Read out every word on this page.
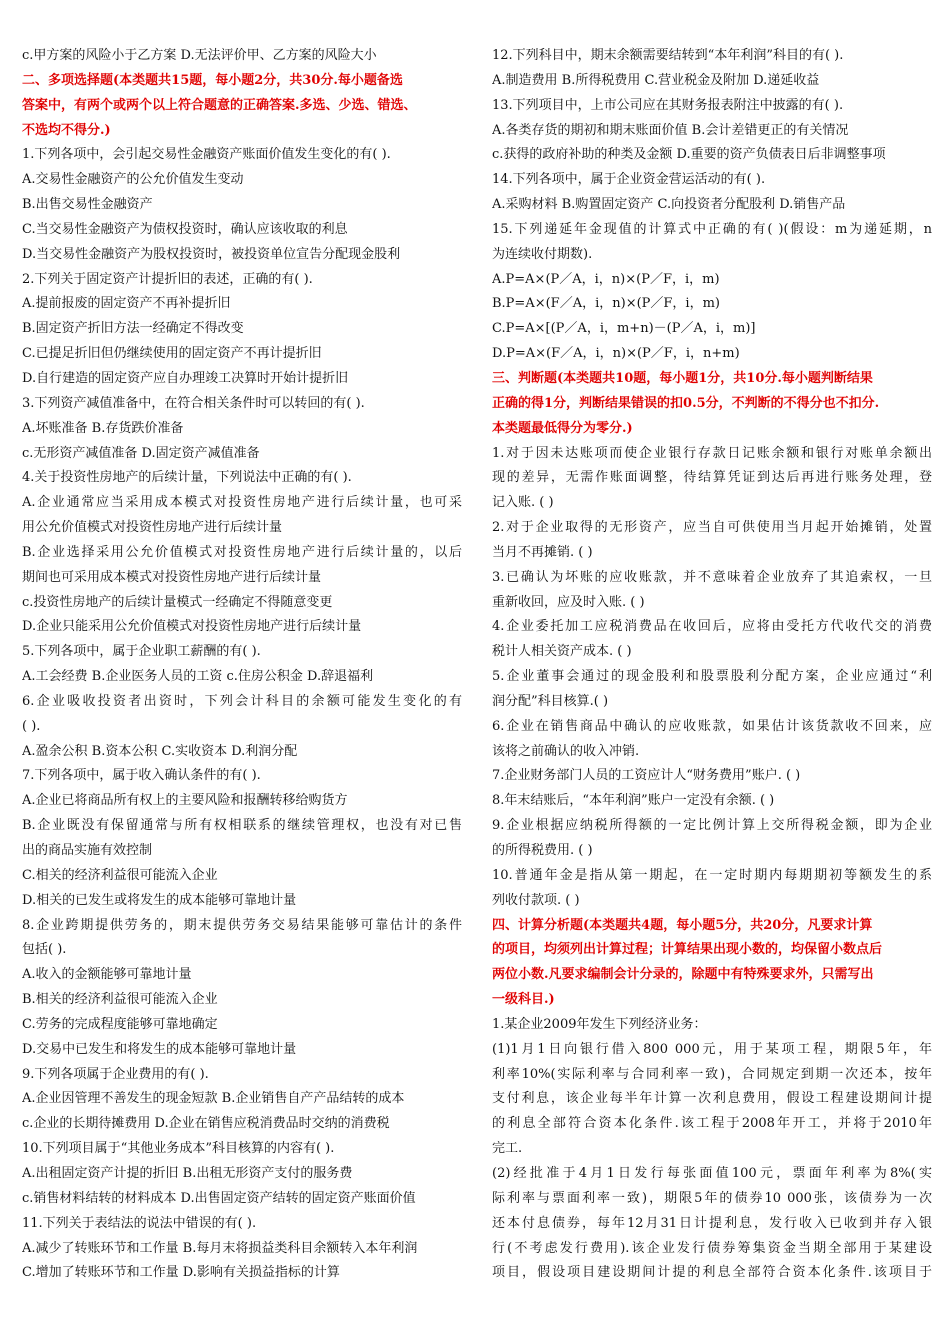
c.甲方案的风险小于乙方案 D.无法评价甲、乙方案的风险大小
二、多项选择题(本类题共15题，每小题2分，共30分.每小题备选
答案中，有两个或两个以上符合题意的正确答案.多选、少选、错选、
不选均不得分.)
1.下列各项中，会引起交易性金融资产账面价值发生变化的有( ).
A.交易性金融资产的公允价值发生变动
B.出售交易性金融资产
C.当交易性金融资产为债权投资时，确认应该收取的利息
D.当交易性金融资产为股权投资时，被投资单位宣告分配现金股利
2.下列关于固定资产计提折旧的表述，正确的有( ).
A.提前报废的固定资产不再补提折旧
B.固定资产折旧方法一经确定不得改变
C.已提足折旧但仍继续使用的固定资产不再计提折旧
D.自行建造的固定资产应自办理竣工决算时开始计提折旧
3.下列资产减值准备中，在符合相关条件时可以转回的有( ).
A.坏账准备 B.存货跌价准备
c.无形资产减值准备 D.固定资产减值准备
4.关于投资性房地产的后续计量，下列说法中正确的有( ).
A.企业通常应当采用成本模式对投资性房地产进行后续计量，也可采
用公允价值模式对投资性房地产进行后续计量
B.企业选择采用公允价值模式对投资性房地产进行后续计量的，以后
期间也可采用成本模式对投资性房地产进行后续计量
c.投资性房地产的后续计量模式一经确定不得随意变更
D.企业只能采用公允价值模式对投资性房地产进行后续计量
5.下列各项中，属于企业职工薪酬的有( ).
A.工会经费 B.企业医务人员的工资 c.住房公积金 D.辞退福利
6.企业吸收投资者出资时，下列会计科目的余额可能发生变化的有
( ).
A.盈余公积 B.资本公积 C.实收资本 D.利润分配
7.下列各项中，属于收入确认条件的有( ).
A.企业已将商品所有权上的主要风险和报酬转移给购货方
B.企业既没有保留通常与所有权相联系的继续管理权，也没有对已售
出的商品实施有效控制
C.相关的经济利益很可能流入企业
D.相关的已发生或将发生的成本能够可靠地计量
8.企业跨期提供劳务的，期末提供劳务交易结果能够可靠估计的条件
包括( ).
A.收入的金额能够可靠地计量
B.相关的经济利益很可能流入企业
C.劳务的完成程度能够可靠地确定
D.交易中已发生和将发生的成本能够可靠地计量
9.下列各项属于企业费用的有( ).
A.企业因管理不善发生的现金短款 B.企业销售自产产品结转的成本
c.企业的长期待摊费用 D.企业在销售应税消费品时交纳的消费税
10.下列项目属于“其他业务成本”科目核算的内容有( ).
A.出租固定资产计提的折旧 B.出租无形资产支付的服务费
c.销售材料结转的材料成本 D.出售固定资产结转的固定资产账面价值
11.下列关于表结法的说法中错误的有( ).
A.减少了转账环节和工作量 B.每月末将损益类科目余额转入本年利润
C.增加了转账环节和工作量 D.影响有关损益指标的计算
12.下列科目中，期末余额需要结转到“本年利润”科目的有( ).
A.制造费用 B.所得税费用 C.营业税金及附加 D.递延收益
13.下列项目中，上市公司应在其财务报表附注中披露的有( ).
A.各类存货的期初和期末账面价值 B.会计差错更正的有关情况
c.获得的政府补助的种类及金额 D.重要的资产负债表日后非调整事项
14.下列各项中，属于企业资金营运活动的有( ).
A.采购材料 B.购置固定资产 C.向投资者分配股利 D.销售产品
15.下列递延年金现值的计算式中正确的有( )(假设：m为递延期，n
为连续收付期数).
A.P=A×(P／A，i，n)×(P／F，i，m)
B.P=A×(F／A，i，n)×(P／F，i，m)
C.P=A×[(P／A，i，m+n)－(P／A，i，m)]
D.P=A×(F／A，i，n)×(P／F，i，n+m)
三、判断题(本类题共10题，每小题1分，共10分.每小题判断结果
正确的得1分，判断结果错误的扣0.5分，不判断的不得分也不扣分.
本类题最低得分为零分.)
1.对于因未达账项而使企业银行存款日记账余额和银行对账单余额出
现的差异，无需作账面调整，待结算凭证到达后再进行账务处理，登
记入账. ( )
2.对于企业取得的无形资产，应当自可供使用当月起开始摊销，处置
当月不再摊销. ( )
3.已确认为坏账的应收账款，并不意味着企业放弃了其追索权，一旦
重新收回，应及时入账. ( )
4.企业委托加工应税消费品在收回后，应将由受托方代收代交的消费
税计人相关资产成本. ( )
5.企业董事会通过的现金股利和股票股利分配方案，企业应通过“利
润分配”科目核算.( )
6.企业在销售商品中确认的应收账款，如果估计该货款收不回来，应
该将之前确认的收入冲销.
7.企业财务部门人员的工资应计人“财务费用”账户. ( )
8.年末结账后，“本年利润”账户一定没有余额. ( )
9.企业根据应纳税所得额的一定比例计算上交所得税金额，即为企业
的所得税费用. ( )
10.普通年金是指从第一期起，在一定时期内每期期初等额发生的系
列收付款项. ( )
四、计算分析题(本类题共4题，每小题5分，共20分，凡要求计算
的项目，均须列出计算过程；计算结果出现小数的，均保留小数点后
两位小数.凡要求编制会计分录的，除题中有特殊要求外，只需写出
一级科目.)
1.某企业2009年发生下列经济业务：
(1)1月1日向银行借入800 000元，用于某项工程，期限5年，年
利率10%(实际利率与合同利率一致)，合同规定到期一次还本，按年
支付利息，该企业每半年计算一次利息费用，假设工程建设期间计提
的利息全部符合资本化条件.该工程于2008年开工，并将于2010年
完工.
(2)经批准于4月1日发行每张面值100元，票面年利率为8%(实
际利率与票面利率一致)，期限5年的债券10 000张，该债券为一次
还本付息债券，每年12月31日计提利息，发行收入已收到并存入银
行(不考虑发行费用).该企业发行债券筹集资金当期全部用于某建设
项目，假设项目建设期间计提的利息全部符合资本化条件.该项目于
